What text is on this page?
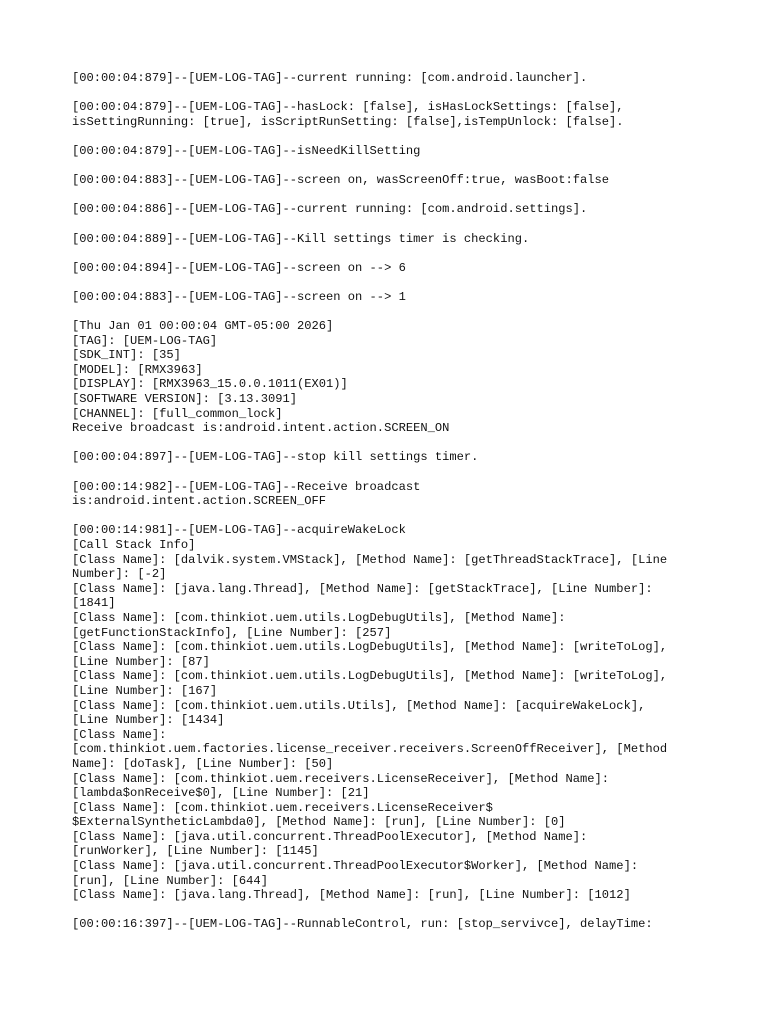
[00:00:04:879]--[UEM-LOG-TAG]--current running: [com.android.launcher].
[00:00:04:879]--[UEM-LOG-TAG]--hasLock: [false], isHasLockSettings: [false],
isSettingRunning: [true], isScriptRunSetting: [false],isTempUnlock: [false].
[00:00:04:879]--[UEM-LOG-TAG]--isNeedKillSetting
[00:00:04:883]--[UEM-LOG-TAG]--screen on, wasScreenOff:true, wasBoot:false
[00:00:04:886]--[UEM-LOG-TAG]--current running: [com.android.settings].
[00:00:04:889]--[UEM-LOG-TAG]--Kill settings timer is checking.
[00:00:04:894]--[UEM-LOG-TAG]--screen on --> 6
[00:00:04:883]--[UEM-LOG-TAG]--screen on --> 1
[Thu Jan 01 00:00:04 GMT-05:00 2026]
[TAG]: [UEM-LOG-TAG]
[SDK_INT]: [35]
[MODEL]: [RMX3963]
[DISPLAY]: [RMX3963_15.0.0.1011(EX01)]
[SOFTWARE VERSION]: [3.13.3091]
[CHANNEL]: [full_common_lock]
Receive broadcast is:android.intent.action.SCREEN_ON
[00:00:04:897]--[UEM-LOG-TAG]--stop kill settings timer.
[00:00:14:982]--[UEM-LOG-TAG]--Receive broadcast
is:android.intent.action.SCREEN_OFF
[00:00:14:981]--[UEM-LOG-TAG]--acquireWakeLock
[Call Stack Info]
[Class Name]: [dalvik.system.VMStack], [Method Name]: [getThreadStackTrace], [Line
Number]: [-2]
[Class Name]: [java.lang.Thread], [Method Name]: [getStackTrace], [Line Number]:
[1841]
[Class Name]: [com.thinkiot.uem.utils.LogDebugUtils], [Method Name]:
[getFunctionStackInfo], [Line Number]: [257]
[Class Name]: [com.thinkiot.uem.utils.LogDebugUtils], [Method Name]: [writeToLog],
[Line Number]: [87]
[Class Name]: [com.thinkiot.uem.utils.LogDebugUtils], [Method Name]: [writeToLog],
[Line Number]: [167]
[Class Name]: [com.thinkiot.uem.utils.Utils], [Method Name]: [acquireWakeLock],
[Line Number]: [1434]
[Class Name]:
[com.thinkiot.uem.factories.license_receiver.receivers.ScreenOffReceiver], [Method
Name]: [doTask], [Line Number]: [50]
[Class Name]: [com.thinkiot.uem.receivers.LicenseReceiver], [Method Name]:
[lambda$onReceive$0], [Line Number]: [21]
[Class Name]: [com.thinkiot.uem.receivers.LicenseReceiver$
$ExternalSyntheticLambda0], [Method Name]: [run], [Line Number]: [0]
[Class Name]: [java.util.concurrent.ThreadPoolExecutor], [Method Name]:
[runWorker], [Line Number]: [1145]
[Class Name]: [java.util.concurrent.ThreadPoolExecutor$Worker], [Method Name]:
[run], [Line Number]: [644]
[Class Name]: [java.lang.Thread], [Method Name]: [run], [Line Number]: [1012]
[00:00:16:397]--[UEM-LOG-TAG]--RunnableControl, run: [stop_servivce], delayTime:
